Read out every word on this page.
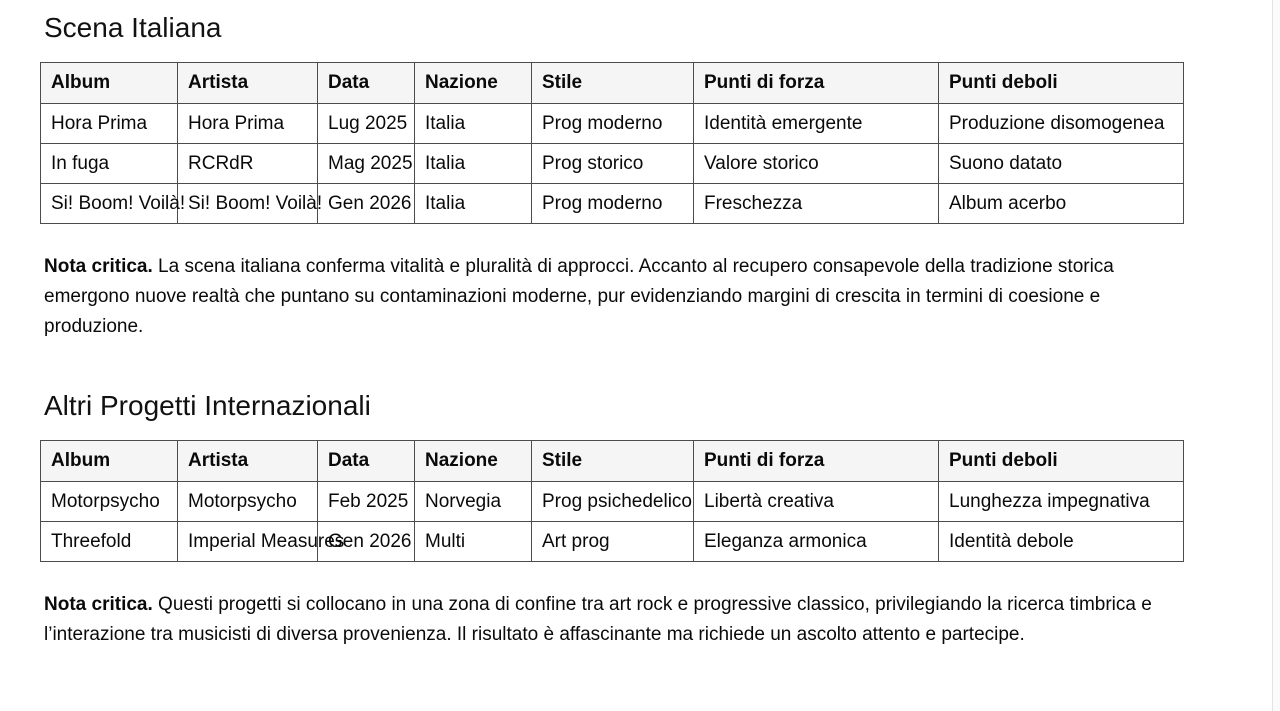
Scena Italiana
Album	Artista	Data	Nazione	Stile	Punti di forza	Punti deboli
Hora Prima	Hora Prima	Lug 2025	Italia	Prog moderno	Identità emergente	Produzione disomogenea
In fuga	RCRdR	Mag 2025	Italia	Prog storico	Valore storico	Suono datato
Si! Boom! Voilà!	Si! Boom! Voilà!	Gen 2026	Italia	Prog moderno	Freschezza	Album acerbo

Nota critica. La scena italiana conferma vitalità e pluralità di approcci. Accanto al recupero consapevole della tradizione storica emergono nuove realtà che puntano su contaminazioni moderne, pur evidenziando margini di crescita in termini di coesione e produzione.

Altri Progetti Internazionali
Album	Artista	Data	Nazione	Stile	Punti di forza	Punti deboli
Motorpsycho	Motorpsycho	Feb 2025	Norvegia	Prog psichedelico	Libertà creativa	Lunghezza impegnativa
Threefold	Imperial Measures	Gen 2026	Multi	Art prog	Eleganza armonica	Identità debole

Nota critica. Questi progetti si collocano in una zona di confine tra art rock e progressive classico, privilegiando la ricerca timbrica e l’interazione tra musicisti di diversa provenienza. Il risultato è affascinante ma richiede un ascolto attento e partecipe.
